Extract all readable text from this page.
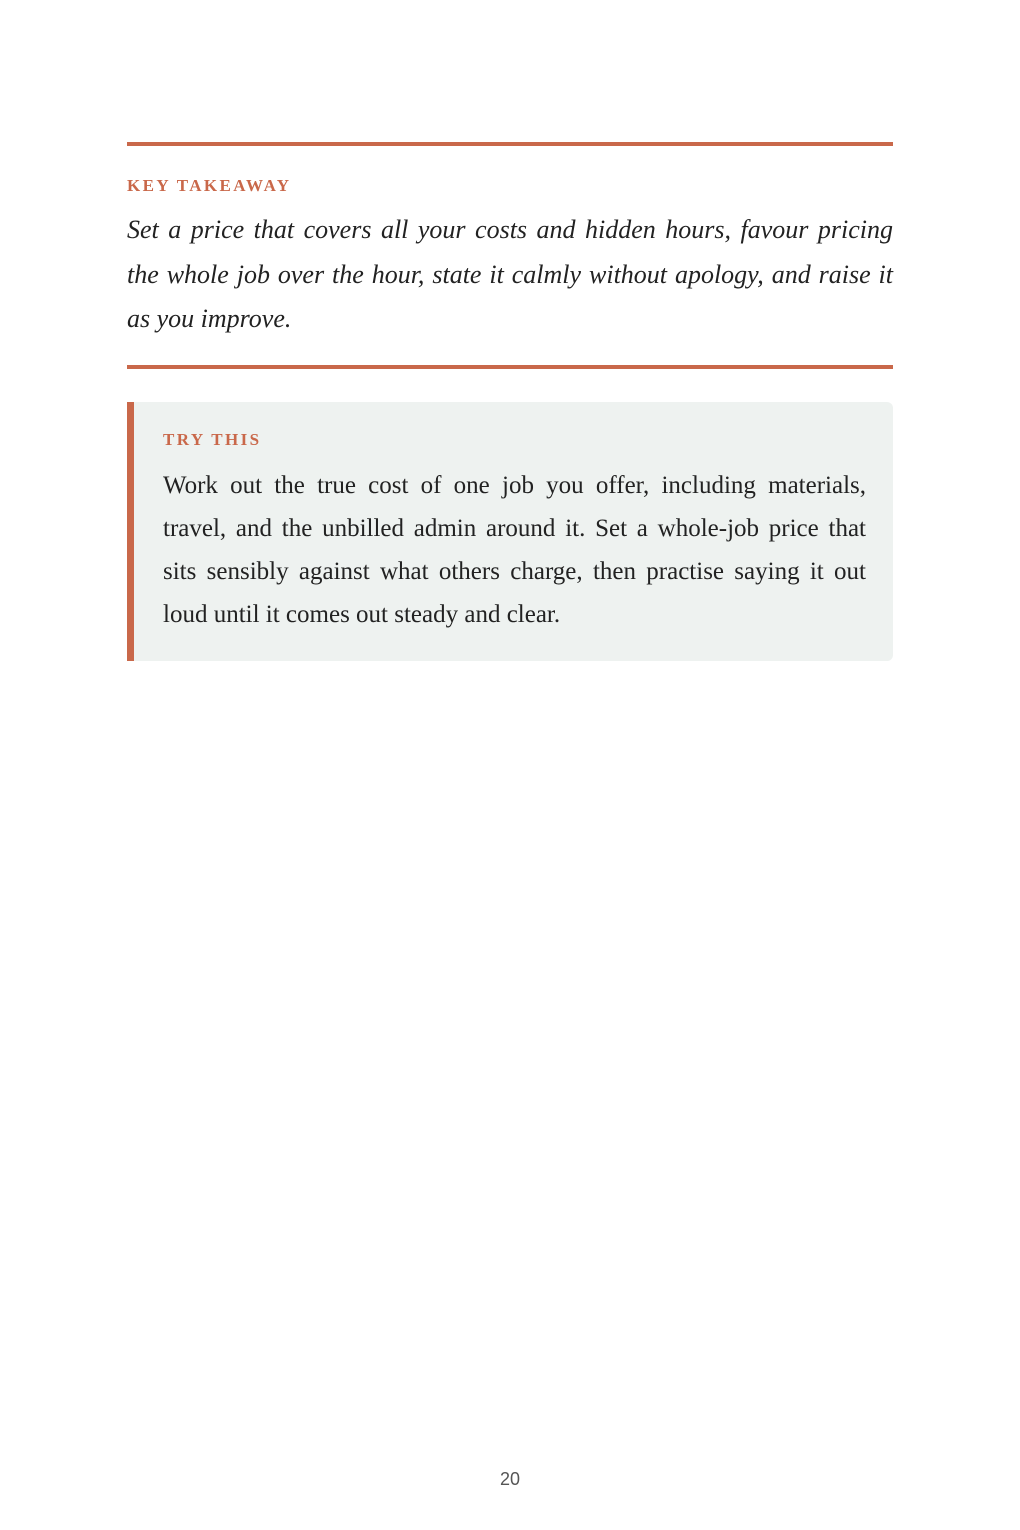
KEY TAKEAWAY
Set a price that covers all your costs and hidden hours, favour pricing the whole job over the hour, state it calmly without apology, and raise it as you improve.
TRY THIS
Work out the true cost of one job you offer, including materials, travel, and the unbilled admin around it. Set a whole-job price that sits sensibly against what others charge, then practise saying it out loud until it comes out steady and clear.
20
